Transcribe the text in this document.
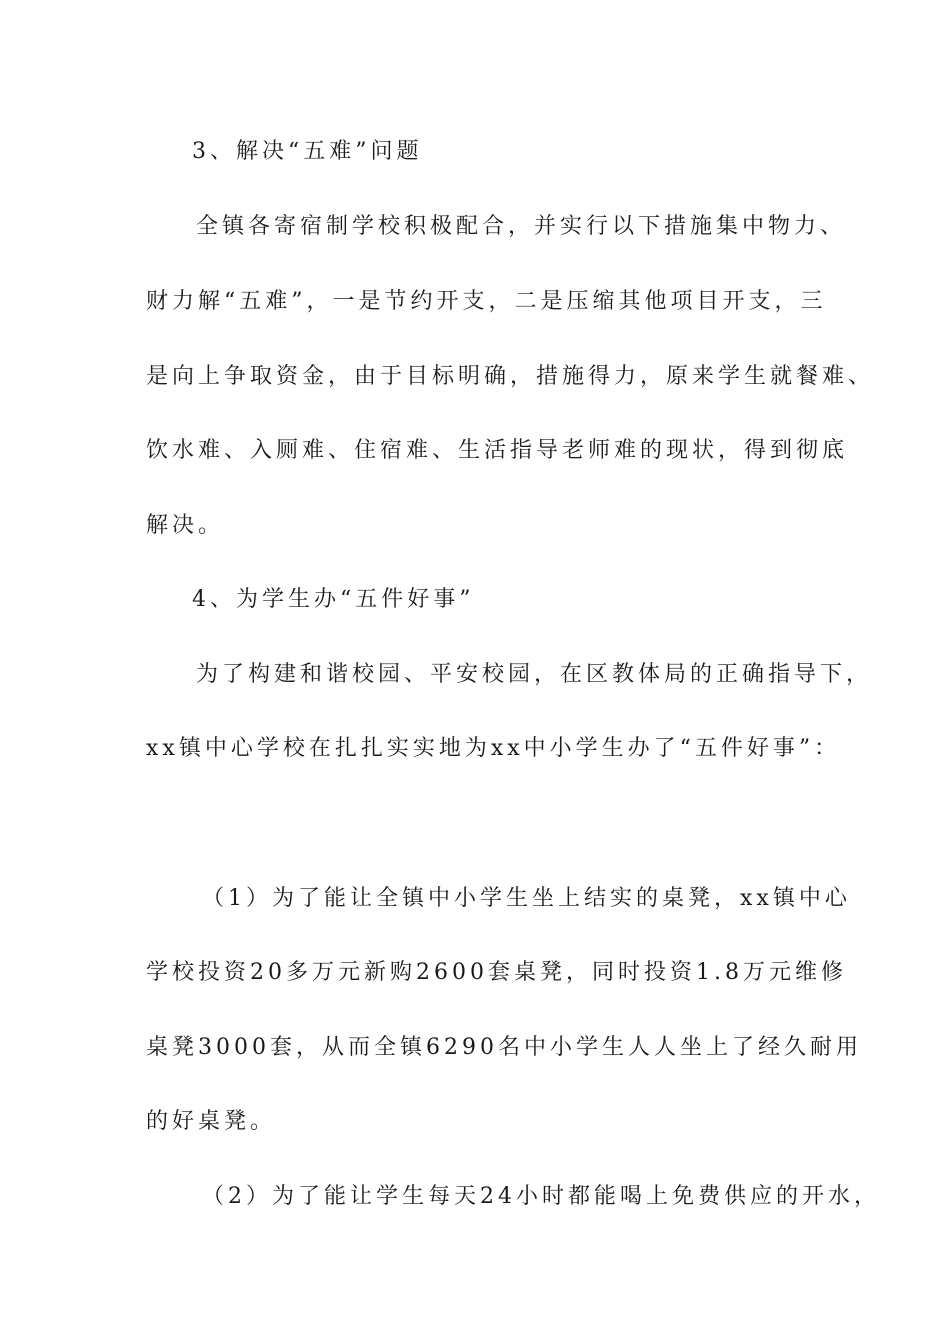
3、解决“五难”问题
全镇各寄宿制学校积极配合，并实行以下措施集中物力、
财力解“五难”，一是节约开支，二是压缩其他项目开支，三
是向上争取资金，由于目标明确，措施得力，原来学生就餐难、
饮水难、入厕难、住宿难、生活指导老师难的现状，得到彻底
解决。
4、为学生办“五件好事”
为了构建和谐校园、平安校园，在区教体局的正确指导下，
xx镇中心学校在扎扎实实地为xx中小学生办了“五件好事”：
（1）为了能让全镇中小学生坐上结实的桌凳，xx镇中心
学校投资20多万元新购2600套桌凳，同时投资1.8万元维修
桌凳3000套，从而全镇6290名中小学生人人坐上了经久耐用
的好桌凳。
（2）为了能让学生每天24小时都能喝上免费供应的开水，
